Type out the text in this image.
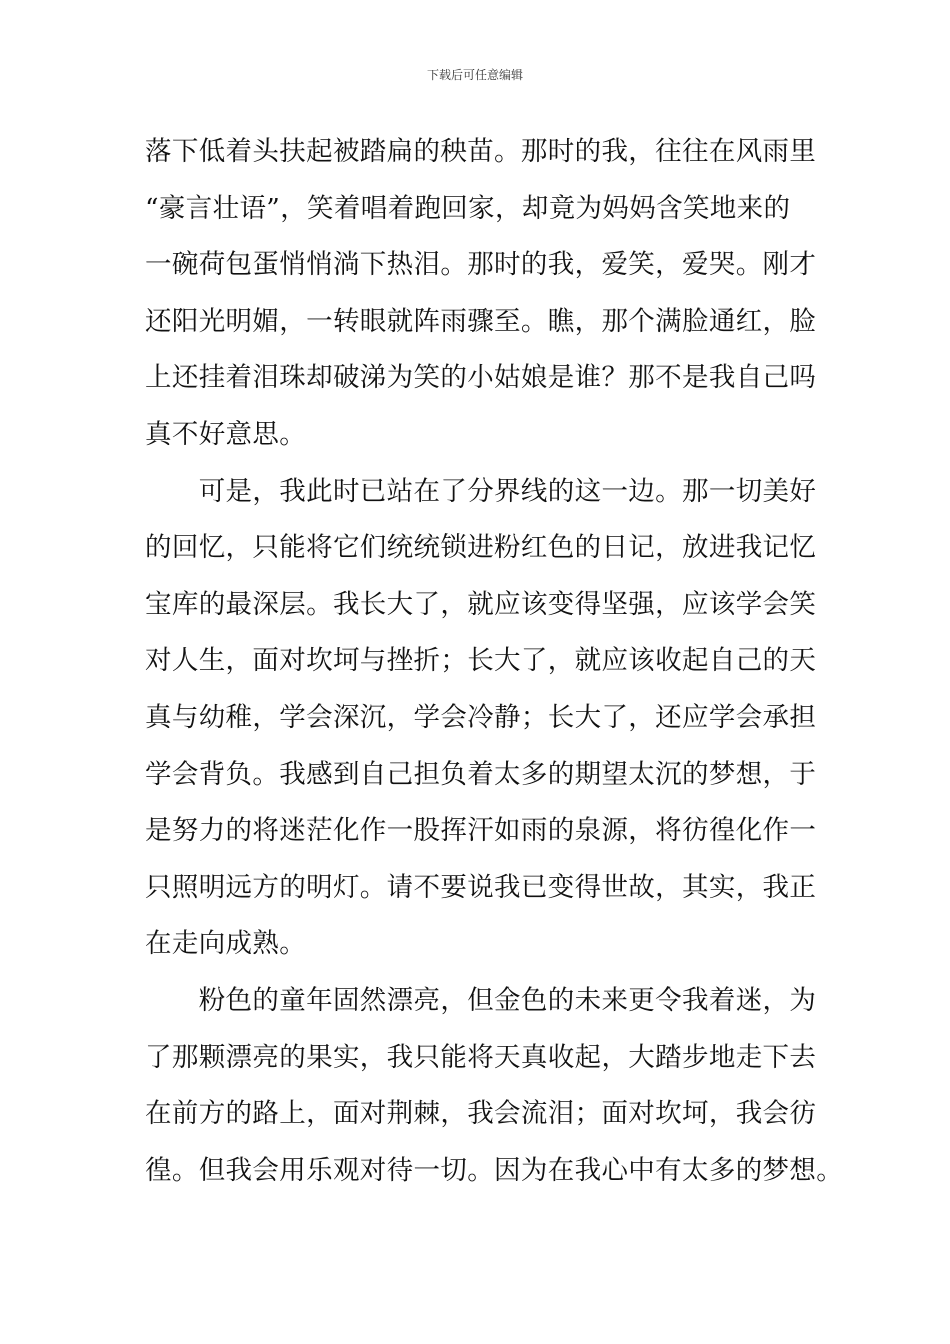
下载后可任意编辑
落下低着头扶起被踏扁的秧苗。那时的我，往往在风雨里
“豪言壮语”，笑着唱着跑回家，却竟为妈妈含笑地来的
一碗荷包蛋悄悄淌下热泪。那时的我，爱笑，爱哭。刚才
还阳光明媚，一转眼就阵雨骤至。瞧，那个满脸通红，脸
上还挂着泪珠却破涕为笑的小姑娘是谁？那不是我自己吗
真不好意思。
　　可是，我此时已站在了分界线的这一边。那一切美好
的回忆，只能将它们统统锁进粉红色的日记，放进我记忆
宝库的最深层。我长大了，就应该变得坚强，应该学会笑
对人生，面对坎坷与挫折；长大了，就应该收起自己的天
真与幼稚，学会深沉，学会冷静；长大了，还应学会承担
学会背负。我感到自己担负着太多的期望太沉的梦想，于
是努力的将迷茫化作一股挥汗如雨的泉源，将彷徨化作一
只照明远方的明灯。请不要说我已变得世故，其实，我正
在走向成熟。
　　粉色的童年固然漂亮，但金色的未来更令我着迷，为
了那颗漂亮的果实，我只能将天真收起，大踏步地走下去
在前方的路上，面对荆棘，我会流泪；面对坎坷，我会彷
徨。但我会用乐观对待一切。因为在我心中有太多的梦想。
